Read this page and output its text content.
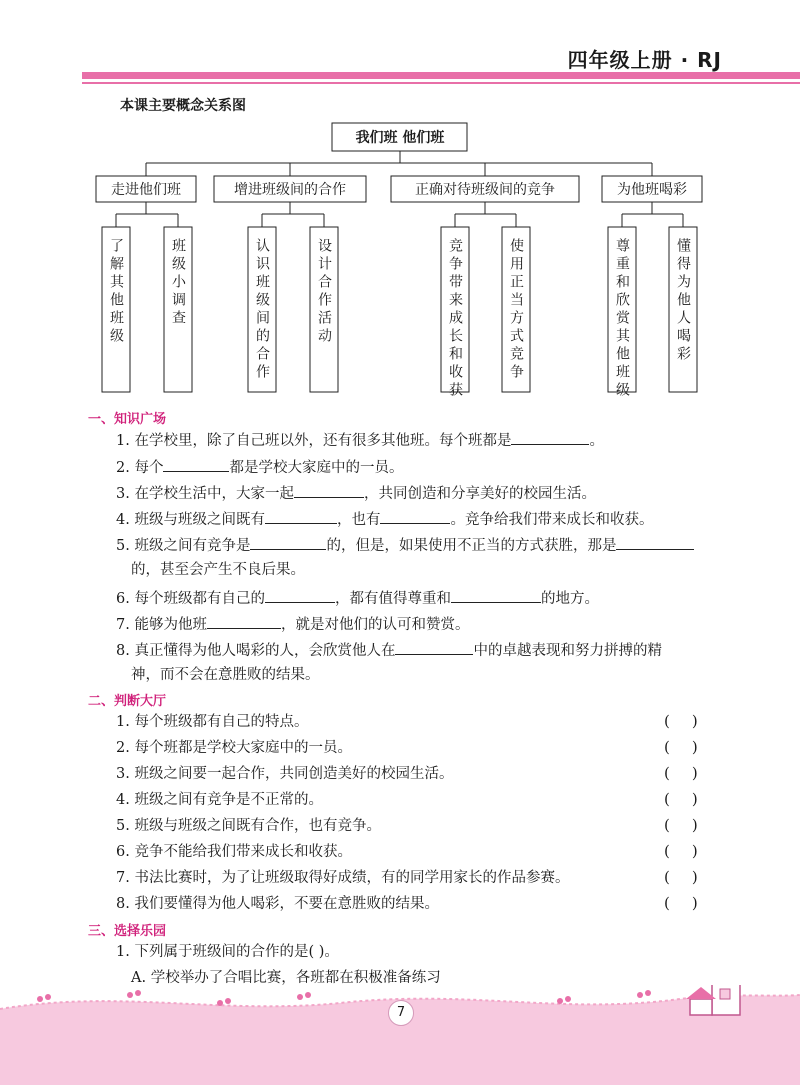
四年级上册 · RJ
本课主要概念关系图
我们班 他们班
走进他们班	增进班级间的合作	正确对待班级间的竞争	为他班喝彩
了解其他班级	班级小调查	认识班级间的合作	设计合作活动	竞争带来成长和收获	使用正当方式竞争	尊重和欣赏其他班级	懂得为他人喝彩
一、知识广场
1. 在学校里，除了自己班以外，还有很多其他班。每个班都是	。
2. 每个	都是学校大家庭中的一员。
3. 在学校生活中，大家一起	，共同创造和分享美好的校园生活。
4. 班级与班级之间既有	，也有	。竞争给我们带来成长和收获。
5. 班级之间有竞争是	的，但是，如果使用不正当的方式获胜，那是
的，甚至会产生不良后果。
6. 每个班级都有自己的	，都有值得尊重和	的地方。
7. 能够为他班	，就是对他们的认可和赞赏。
8. 真正懂得为他人喝彩的人，会欣赏他人在	中的卓越表现和努力拼搏的精
神，而不会在意胜败的结果。
二、判断大厅
1. 每个班级都有自己的特点。	()
2. 每个班都是学校大家庭中的一员。	()
3. 班级之间要一起合作，共同创造美好的校园生活。	()
4. 班级之间有竞争是不正常的。	()
5. 班级与班级之间既有合作，也有竞争。	()
6. 竞争不能给我们带来成长和收获。	()
7. 书法比赛时，为了让班级取得好成绩，有的同学用家长的作品参赛。	()
8. 我们要懂得为他人喝彩，不要在意胜败的结果。	()
三、选择乐园
1. 下列属于班级间的合作的是( )。
A. 学校举办了合唱比赛，各班都在积极准备练习
7
